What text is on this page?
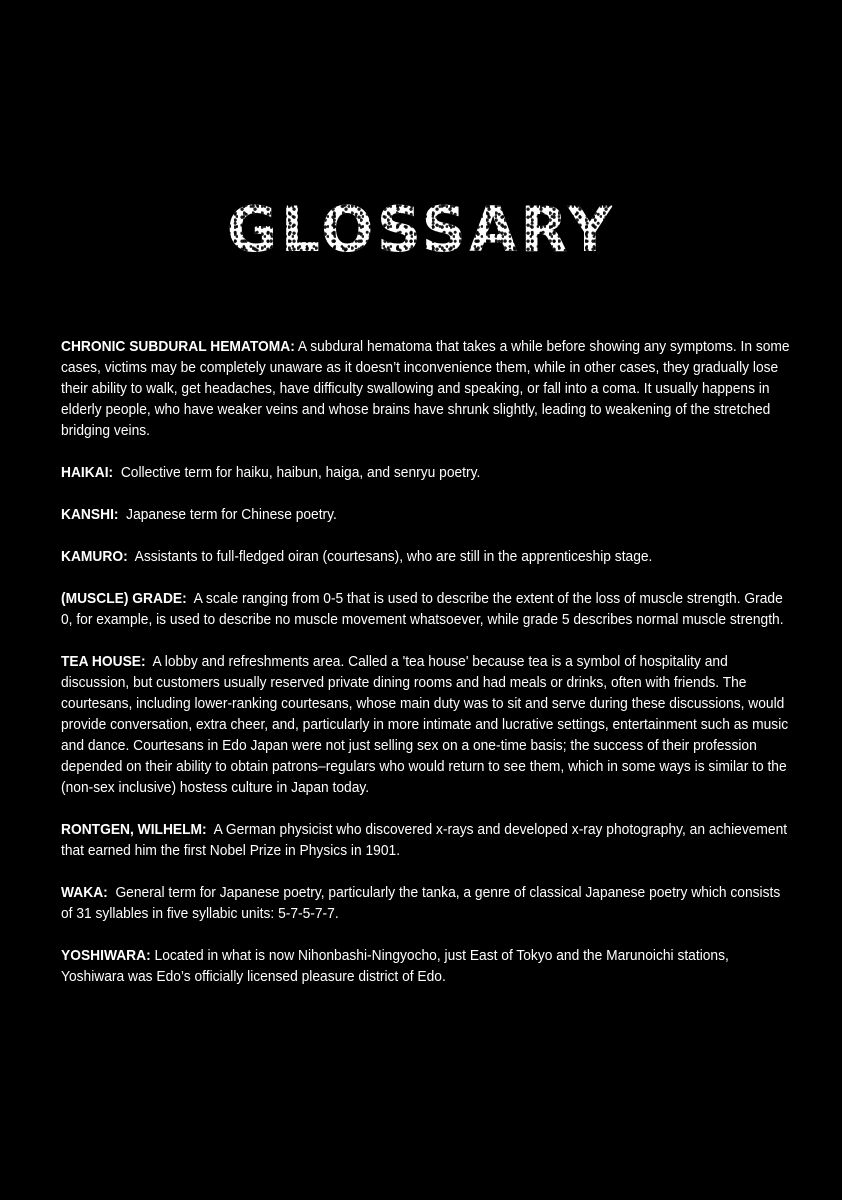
GLOSSARY

CHRONIC SUBDURAL HEMATOMA: A subdural hematoma that takes a while before showing any symptoms. In some cases, victims may be completely unaware as it doesn’t inconvenience them, while in other cases, they gradually lose their ability to walk, get headaches, have difficulty swallowing and speaking, or fall into a coma. It usually happens in elderly people, who have weaker veins and whose brains have shrunk slightly, leading to weakening of the stretched bridging veins.

HAIKAI: Collective term for haiku, haibun, haiga, and senryu poetry.

KANSHI: Japanese term for Chinese poetry.

KAMURO: Assistants to full-fledged oiran (courtesans), who are still in the apprenticeship stage.

(MUSCLE) GRADE: A scale ranging from 0-5 that is used to describe the extent of the loss of muscle strength. Grade 0, for example, is used to describe no muscle movement whatsoever, while grade 5 describes normal muscle strength.

TEA HOUSE: A lobby and refreshments area. Called a 'tea house' because tea is a symbol of hospitality and discussion, but customers usually reserved private dining rooms and had meals or drinks, often with friends. The courtesans, including lower-ranking courtesans, whose main duty was to sit and serve during these discussions, would provide conversation, extra cheer, and, particularly in more intimate and lucrative settings, entertainment such as music and dance. Courtesans in Edo Japan were not just selling sex on a one-time basis; the success of their profession depended on their ability to obtain patrons–regulars who would return to see them, which in some ways is similar to the (non-sex inclusive) hostess culture in Japan today.

RONTGEN, WILHELM: A German physicist who discovered x-rays and developed x-ray photography, an achievement that earned him the first Nobel Prize in Physics in 1901.

WAKA: General term for Japanese poetry, particularly the tanka, a genre of classical Japanese poetry which consists of 31 syllables in five syllabic units: 5-7-5-7-7.

YOSHIWARA: Located in what is now Nihonbashi-Ningyocho, just East of Tokyo and the Marunoichi stations, Yoshiwara was Edo’s officially licensed pleasure district of Edo.
